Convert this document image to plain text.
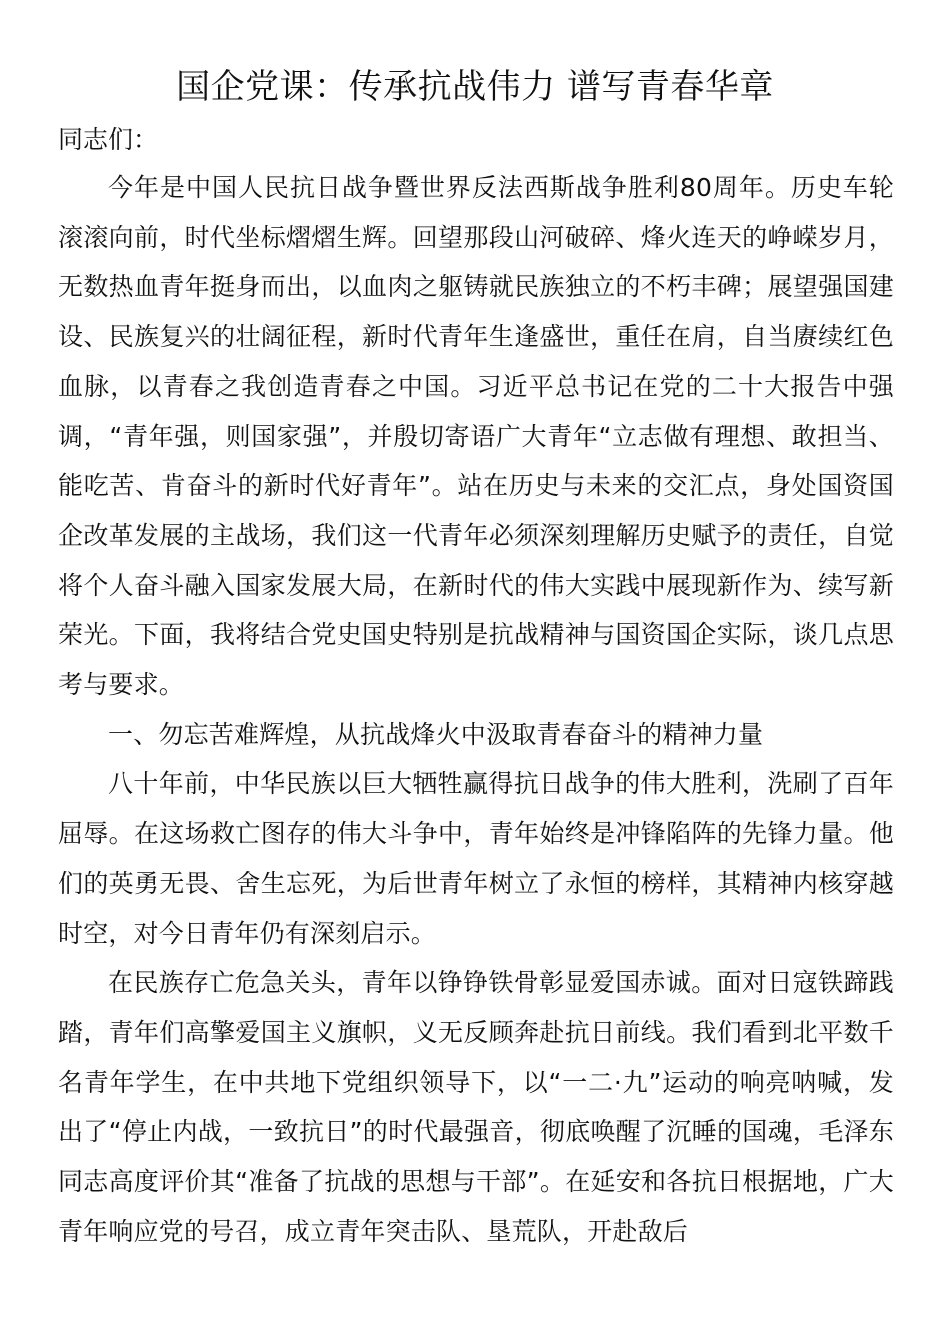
国企党课：传承抗战伟力 谱写青春华章

同志们：

今年是中国人民抗日战争暨世界反法西斯战争胜利80周年。历史车轮滚滚向前，时代坐标熠熠生辉。回望那段山河破碎、烽火连天的峥嵘岁月，无数热血青年挺身而出，以血肉之躯铸就民族独立的不朽丰碑；展望强国建设、民族复兴的壮阔征程，新时代青年生逢盛世，重任在肩，自当赓续红色血脉，以青春之我创造青春之中国。习近平总书记在党的二十大报告中强调，“青年强，则国家强”，并殷切寄语广大青年“立志做有理想、敢担当、能吃苦、肯奋斗的新时代好青年”。站在历史与未来的交汇点，身处国资国企改革发展的主战场，我们这一代青年必须深刻理解历史赋予的责任，自觉将个人奋斗融入国家发展大局，在新时代的伟大实践中展现新作为、续写新荣光。下面，我将结合党史国史特别是抗战精神与国资国企实际，谈几点思考与要求。

一、勿忘苦难辉煌，从抗战烽火中汲取青春奋斗的精神力量

八十年前，中华民族以巨大牺牲赢得抗日战争的伟大胜利，洗刷了百年屈辱。在这场救亡图存的伟大斗争中，青年始终是冲锋陷阵的先锋力量。他们的英勇无畏、舍生忘死，为后世青年树立了永恒的榜样，其精神内核穿越时空，对今日青年仍有深刻启示。

在民族存亡危急关头，青年以铮铮铁骨彰显爱国赤诚。面对日寇铁蹄践踏，青年们高擎爱国主义旗帜，义无反顾奔赴抗日前线。我们看到北平数千名青年学生，在中共地下党组织领导下，以“一二·九”运动的响亮呐喊，发出了“停止内战，一致抗日”的时代最强音，彻底唤醒了沉睡的国魂，毛泽东同志高度评价其“准备了抗战的思想与干部”。在延安和各抗日根据地，广大青年响应党的号召，成立青年突击队、垦荒队，开赴敌后
